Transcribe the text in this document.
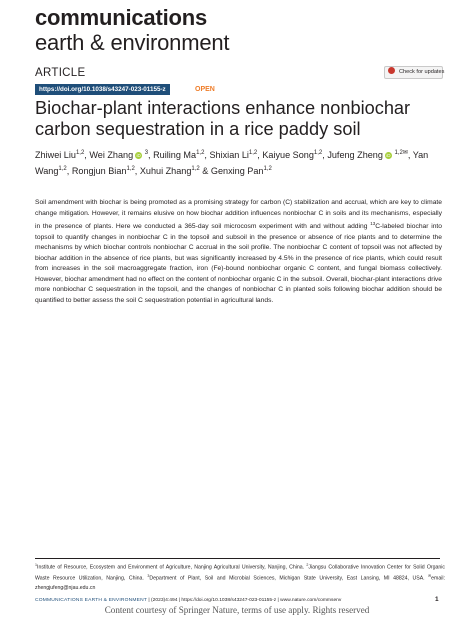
communications
earth & environment
ARTICLE	Check for updates
https://doi.org/10.1038/s43247-023-01155-z	OPEN
Biochar-plant interactions enhance nonbiochar carbon sequestration in a rice paddy soil
Zhiwei Liu$^{1,2}$, Wei Zhang iD $^3$, Ruiling Ma$^{1,2}$, Shixian Li$^{1,2}$, Kaiyue Song$^{1,2}$, Jufeng Zheng iD $^{1,2✉}$, Yan Wang$^{1,2}$, Rongjun Bian$^{1,2}$, Xuhui Zhang$^{1,2}$ & Genxing Pan$^{1,2}$

Soil amendment with biochar is being promoted as a promising strategy for carbon (C) stabilization and accrual, which are key to climate change mitigation. However, it remains elusive on how biochar addition influences nonbiochar C in soils and its mechanisms, especially in the presence of plants. Here we conducted a 365-day soil microcosm experiment with and without adding $^{13}$C-labeled biochar into topsoil to quantify changes in nonbiochar C in the topsoil and subsoil in the presence or absence of rice plants and to determine the mechanisms by which biochar controls nonbiochar C accrual in the soil profile. The nonbiochar C content of topsoil was not affected by biochar addition in the absence of rice plants, but was significantly increased by 4.5% in the presence of rice plants, which could result from increases in the soil macroaggregate fraction, iron (Fe)-bound nonbiochar organic C content, and fungal biomass collectively. However, biochar amendment had no effect on the content of nonbiochar organic C in the subsoil. Overall, biochar-plant interactions drive more nonbiochar C sequestration in the topsoil, and the changes of nonbiochar C in planted soils following biochar addition should be quantified to better assess the soil C sequestration potential in agricultural lands.

$^1$Institute of Resource, Ecosystem and Environment of Agriculture, Nanjing Agricultural University, Nanjing, China. $^2$Jiangsu Collaborative Innovation Center for Solid Organic Waste Resource Utilization, Nanjing, China. $^3$Department of Plant, Soil and Microbial Sciences, Michigan State University, East Lansing, MI 48824, USA. ✉email: zhengjufeng@njau.edu.cn
COMMUNICATIONS EARTH & ENVIRONMENT | (2023)4:494 | https://doi.org/10.1038/s43247-023-01155-z | www.nature.com/commsenv	1
Content courtesy of Springer Nature, terms of use apply. Rights reserved
